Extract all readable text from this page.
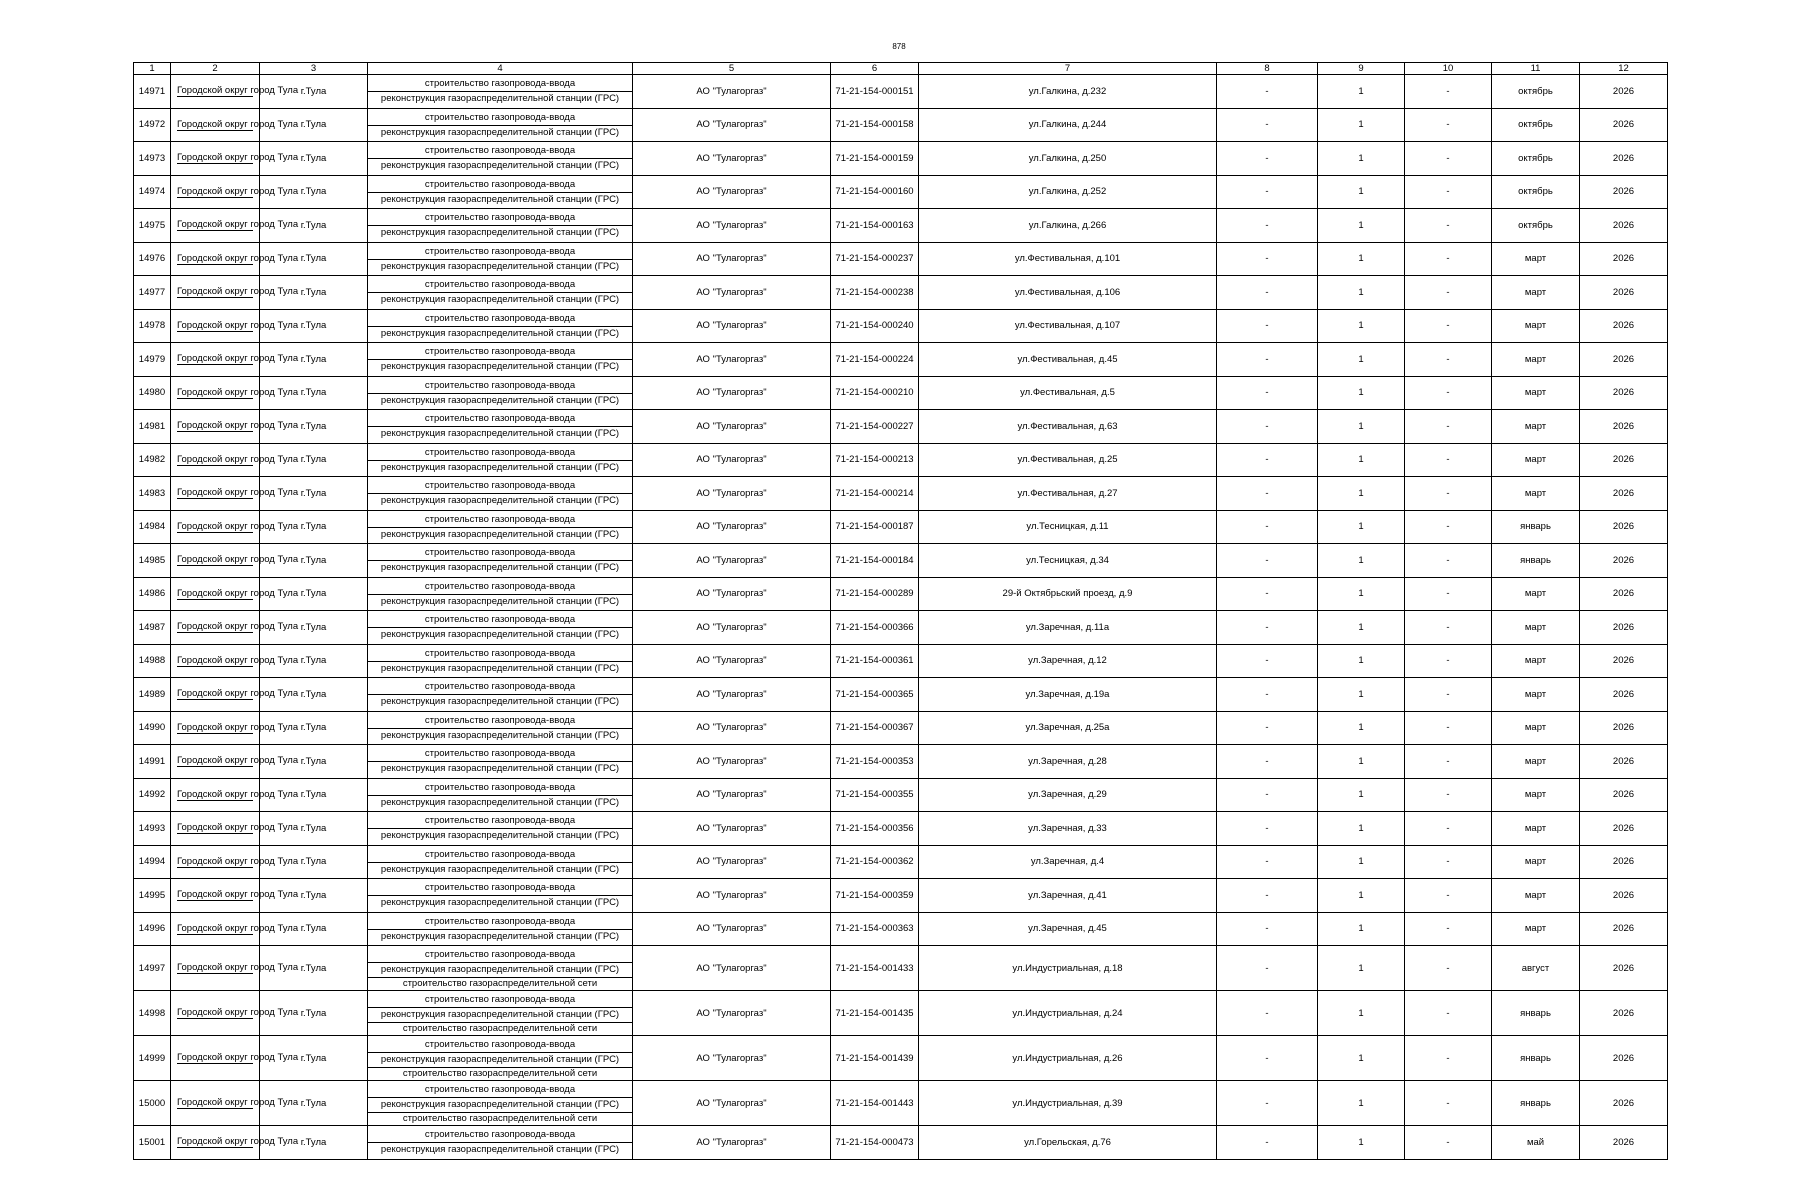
878
1	2	3	4	5	6	7	8	9	10	11	12
14971	Городской округ город Тула	г.Тула	строительство газопровода-ввода
реконструкция газораспределительной станции (ГРС)	АО "Тулагоргаз"	71-21-154-000151	ул.Галкина, д.232	-	1	-	октябрь	2026
14972	Городской округ город Тула	г.Тула	строительство газопровода-ввода
реконструкция газораспределительной станции (ГРС)	АО "Тулагоргаз"	71-21-154-000158	ул.Галкина, д.244	-	1	-	октябрь	2026
14973	Городской округ город Тула	г.Тула	строительство газопровода-ввода
реконструкция газораспределительной станции (ГРС)	АО "Тулагоргаз"	71-21-154-000159	ул.Галкина, д.250	-	1	-	октябрь	2026
14974	Городской округ город Тула	г.Тула	строительство газопровода-ввода
реконструкция газораспределительной станции (ГРС)	АО "Тулагоргаз"	71-21-154-000160	ул.Галкина, д.252	-	1	-	октябрь	2026
14975	Городской округ город Тула	г.Тула	строительство газопровода-ввода
реконструкция газораспределительной станции (ГРС)	АО "Тулагоргаз"	71-21-154-000163	ул.Галкина, д.266	-	1	-	октябрь	2026
14976	Городской округ город Тула	г.Тула	строительство газопровода-ввода
реконструкция газораспределительной станции (ГРС)	АО "Тулагоргаз"	71-21-154-000237	ул.Фестивальная, д.101	-	1	-	март	2026
14977	Городской округ город Тула	г.Тула	строительство газопровода-ввода
реконструкция газораспределительной станции (ГРС)	АО "Тулагоргаз"	71-21-154-000238	ул.Фестивальная, д.106	-	1	-	март	2026
14978	Городской округ город Тула	г.Тула	строительство газопровода-ввода
реконструкция газораспределительной станции (ГРС)	АО "Тулагоргаз"	71-21-154-000240	ул.Фестивальная, д.107	-	1	-	март	2026
14979	Городской округ город Тула	г.Тула	строительство газопровода-ввода
реконструкция газораспределительной станции (ГРС)	АО "Тулагоргаз"	71-21-154-000224	ул.Фестивальная, д.45	-	1	-	март	2026
14980	Городской округ город Тула	г.Тула	строительство газопровода-ввода
реконструкция газораспределительной станции (ГРС)	АО "Тулагоргаз"	71-21-154-000210	ул.Фестивальная, д.5	-	1	-	март	2026
14981	Городской округ город Тула	г.Тула	строительство газопровода-ввода
реконструкция газораспределительной станции (ГРС)	АО "Тулагоргаз"	71-21-154-000227	ул.Фестивальная, д.63	-	1	-	март	2026
14982	Городской округ город Тула	г.Тула	строительство газопровода-ввода
реконструкция газораспределительной станции (ГРС)	АО "Тулагоргаз"	71-21-154-000213	ул.Фестивальная, д.25	-	1	-	март	2026
14983	Городской округ город Тула	г.Тула	строительство газопровода-ввода
реконструкция газораспределительной станции (ГРС)	АО "Тулагоргаз"	71-21-154-000214	ул.Фестивальная, д.27	-	1	-	март	2026
14984	Городской округ город Тула	г.Тула	строительство газопровода-ввода
реконструкция газораспределительной станции (ГРС)	АО "Тулагоргаз"	71-21-154-000187	ул.Тесницкая, д.11	-	1	-	январь	2026
14985	Городской округ город Тула	г.Тула	строительство газопровода-ввода
реконструкция газораспределительной станции (ГРС)	АО "Тулагоргаз"	71-21-154-000184	ул.Тесницкая, д.34	-	1	-	январь	2026
14986	Городской округ город Тула	г.Тула	строительство газопровода-ввода
реконструкция газораспределительной станции (ГРС)	АО "Тулагоргаз"	71-21-154-000289	29-й Октябрьский проезд, д.9	-	1	-	март	2026
14987	Городской округ город Тула	г.Тула	строительство газопровода-ввода
реконструкция газораспределительной станции (ГРС)	АО "Тулагоргаз"	71-21-154-000366	ул.Заречная, д.11а	-	1	-	март	2026
14988	Городской округ город Тула	г.Тула	строительство газопровода-ввода
реконструкция газораспределительной станции (ГРС)	АО "Тулагоргаз"	71-21-154-000361	ул.Заречная, д.12	-	1	-	март	2026
14989	Городской округ город Тула	г.Тула	строительство газопровода-ввода
реконструкция газораспределительной станции (ГРС)	АО "Тулагоргаз"	71-21-154-000365	ул.Заречная, д.19а	-	1	-	март	2026
14990	Городской округ город Тула	г.Тула	строительство газопровода-ввода
реконструкция газораспределительной станции (ГРС)	АО "Тулагоргаз"	71-21-154-000367	ул.Заречная, д.25а	-	1	-	март	2026
14991	Городской округ город Тула	г.Тула	строительство газопровода-ввода
реконструкция газораспределительной станции (ГРС)	АО "Тулагоргаз"	71-21-154-000353	ул.Заречная, д.28	-	1	-	март	2026
14992	Городской округ город Тула	г.Тула	строительство газопровода-ввода
реконструкция газораспределительной станции (ГРС)	АО "Тулагоргаз"	71-21-154-000355	ул.Заречная, д.29	-	1	-	март	2026
14993	Городской округ город Тула	г.Тула	строительство газопровода-ввода
реконструкция газораспределительной станции (ГРС)	АО "Тулагоргаз"	71-21-154-000356	ул.Заречная, д.33	-	1	-	март	2026
14994	Городской округ город Тула	г.Тула	строительство газопровода-ввода
реконструкция газораспределительной станции (ГРС)	АО "Тулагоргаз"	71-21-154-000362	ул.Заречная, д.4	-	1	-	март	2026
14995	Городской округ город Тула	г.Тула	строительство газопровода-ввода
реконструкция газораспределительной станции (ГРС)	АО "Тулагоргаз"	71-21-154-000359	ул.Заречная, д.41	-	1	-	март	2026
14996	Городской округ город Тула	г.Тула	строительство газопровода-ввода
реконструкция газораспределительной станции (ГРС)	АО "Тулагоргаз"	71-21-154-000363	ул.Заречная, д.45	-	1	-	март	2026
14997	Городской округ город Тула	г.Тула	строительство газопровода-ввода
реконструкция газораспределительной станции (ГРС)
строительство газораспределительной сети	АО "Тулагоргаз"	71-21-154-001433	ул.Индустриальная, д.18	-	1	-	август	2026
14998	Городской округ город Тула	г.Тула	строительство газопровода-ввода
реконструкция газораспределительной станции (ГРС)
строительство газораспределительной сети	АО "Тулагоргаз"	71-21-154-001435	ул.Индустриальная, д.24	-	1	-	январь	2026
14999	Городской округ город Тула	г.Тула	строительство газопровода-ввода
реконструкция газораспределительной станции (ГРС)
строительство газораспределительной сети	АО "Тулагоргаз"	71-21-154-001439	ул.Индустриальная, д.26	-	1	-	январь	2026
15000	Городской округ город Тула	г.Тула	строительство газопровода-ввода
реконструкция газораспределительной станции (ГРС)
строительство газораспределительной сети	АО "Тулагоргаз"	71-21-154-001443	ул.Индустриальная, д.39	-	1	-	январь	2026
15001	Городской округ город Тула	г.Тула	строительство газопровода-ввода
реконструкция газораспределительной станции (ГРС)	АО "Тулагоргаз"	71-21-154-000473	ул.Горельская, д.76	-	1	-	май	2026
